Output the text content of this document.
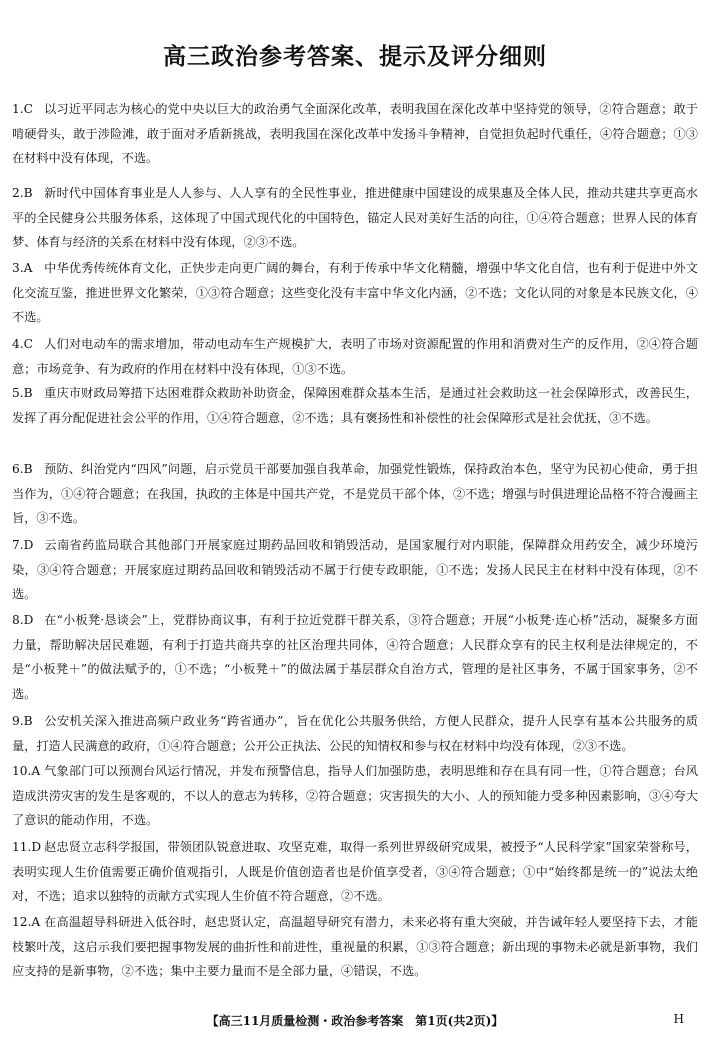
高三政治参考答案、提示及评分细则
1.C 以习近平同志为核心的党中央以巨大的政治勇气全面深化改革，表明我国在深化改革中坚持党的领导，②符合题意；敢于啃硬骨头，敢于涉险滩，敢于面对矛盾新挑战，表明我国在深化改革中发扬斗争精神，自觉担负起时代重任，④符合题意；①③在材料中没有体现，不选。
2.B 新时代中国体育事业是人人参与、人人享有的全民性事业，推进健康中国建设的成果惠及全体人民，推动共建共享更高水平的全民健身公共服务体系，这体现了中国式现代化的中国特色，锚定人民对美好生活的向往，①④符合题意；世界人民的体育梦、体育与经济的关系在材料中没有体现，②③不选。
3.A 中华优秀传统体育文化，正快步走向更广阔的舞台，有利于传承中华文化精髓，增强中华文化自信，也有利于促进中外文化交流互鉴，推进世界文化繁荣，①③符合题意；这些变化没有丰富中华文化内涵，②不选；文化认同的对象是本民族文化，④不选。
4.C 人们对电动车的需求增加，带动电动车生产规模扩大，表明了市场对资源配置的作用和消费对生产的反作用，②④符合题意；市场竞争、有为政府的作用在材料中没有体现，①③不选。
5.B 重庆市财政局筹措下达困难群众救助补助资金，保障困难群众基本生活，是通过社会救助这一社会保障形式，改善民生，发挥了再分配促进社会公平的作用，①④符合题意，②不选；具有褒扬性和补偿性的社会保障形式是社会优抚，③不选。
6.B 预防、纠治党内“四风”问题，启示党员干部要加强自我革命，加强党性锻炼，保持政治本色，坚守为民初心使命，勇于担当作为，①④符合题意；在我国，执政的主体是中国共产党，不是党员干部个体，②不选；增强与时俱进理论品格不符合漫画主旨，③不选。
7.D 云南省药监局联合其他部门开展家庭过期药品回收和销毁活动，是国家履行对内职能，保障群众用药安全，减少环境污染，③④符合题意；开展家庭过期药品回收和销毁活动不属于行使专政职能，①不选；发扬人民民主在材料中没有体现，②不选。
8.D 在“小板凳·恳谈会”上，党群协商议事，有利于拉近党群干群关系，③符合题意；开展“小板凳·连心桥”活动，凝聚多方面力量，帮助解决居民难题，有利于打造共商共享的社区治理共同体，④符合题意；人民群众享有的民主权利是法律规定的，不是“小板凳＋”的做法赋予的，①不选；“小板凳＋”的做法属于基层群众自治方式，管理的是社区事务，不属于国家事务，②不选。
9.B 公安机关深入推进高频户政业务“跨省通办”，旨在优化公共服务供给，方便人民群众，提升人民享有基本公共服务的质量，打造人民满意的政府，①④符合题意；公开公正执法、公民的知情权和参与权在材料中均没有体现，②③不选。
10.A 气象部门可以预测台风运行情况，并发布预警信息，指导人们加强防患，表明思维和存在具有同一性，①符合题意；台风造成洪涝灾害的发生是客观的，不以人的意志为转移，②符合题意；灾害损失的大小、人的预知能力受多种因素影响，③④夸大了意识的能动作用，不选。
11.D 赵忠贤立志科学报国，带领团队锐意进取、攻坚克难，取得一系列世界级研究成果，被授予“人民科学家”国家荣誉称号，表明实现人生价值需要正确价值观指引，人既是价值创造者也是价值享受者，③④符合题意；①中“始终都是统一的”说法太绝对，不选；追求以独特的贡献方式实现人生价值不符合题意，②不选。
12.A 在高温超导科研进入低谷时，赵忠贤认定，高温超导研究有潜力，未来必将有重大突破，并告诫年轻人要坚持下去，才能枝繁叶茂，这启示我们要把握事物发展的曲折性和前进性，重视量的积累，①③符合题意；新出现的事物未必就是新事物，我们应支持的是新事物，②不选；集中主要力量而不是全部力量，④错误，不选。
【高三11月质量检测・政治参考答案　第1页(共2页)】	H
